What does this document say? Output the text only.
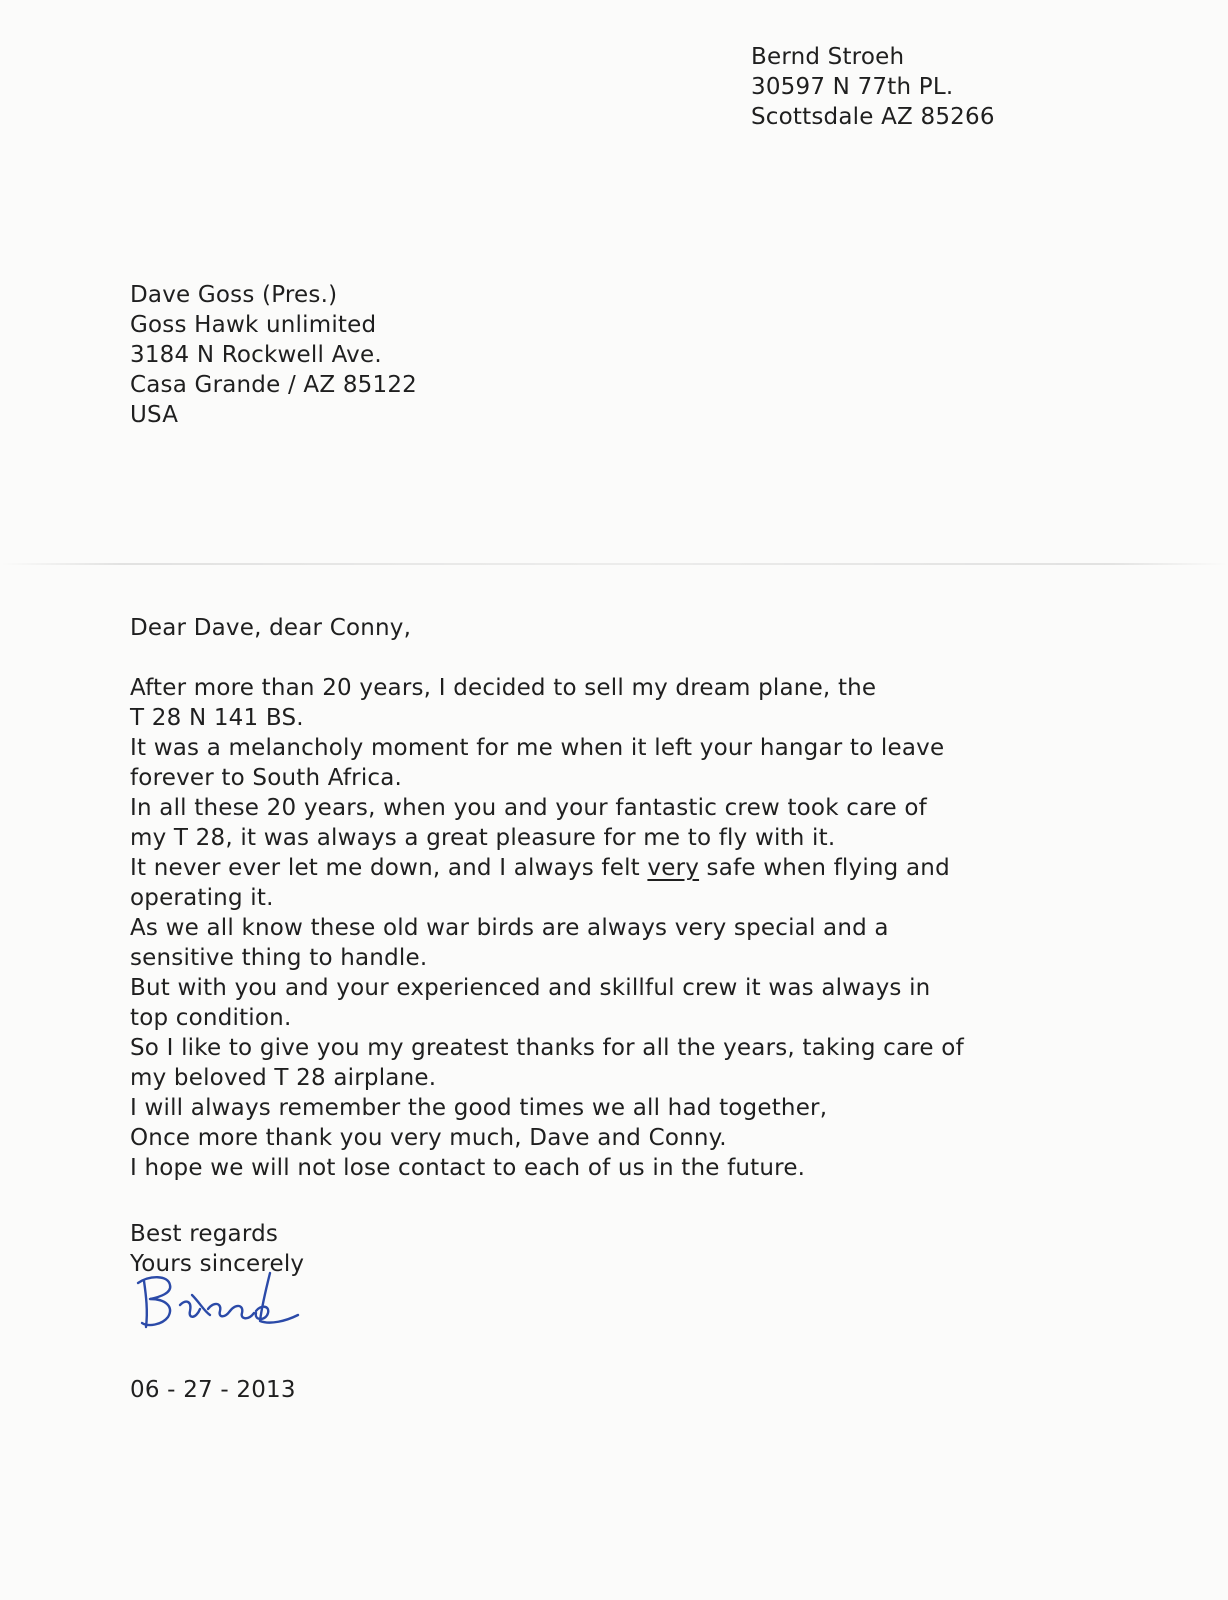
Bernd Stroeh
30597 N 77th PL.
Scottsdale AZ 85266
Dave Goss (Pres.)
Goss Hawk unlimited
3184 N Rockwell Ave.
Casa Grande / AZ 85122
USA
Dear Dave, dear Conny,
After more than 20 years, I decided to sell my dream plane, the
T 28 N 141 BS.
It was a melancholy moment for me when it left your hangar to leave
forever to South Africa.
In all these 20 years, when you and your fantastic crew took care of
my T 28, it was always a great pleasure for me to fly with it.
It never ever let me down, and I always felt very safe when flying and
operating it.
As we all know these old war birds are always very special and a
sensitive thing to handle.
But with you and your experienced and skillful crew it was always in
top condition.
So I like to give you my greatest thanks for all the years, taking care of
my beloved T 28 airplane.
I will always remember the good times we all had together,
Once more thank you very much, Dave and Conny.
I hope we will not lose contact to each of us in the future.
Best regards
Yours sincerely
06 - 27 - 2013
